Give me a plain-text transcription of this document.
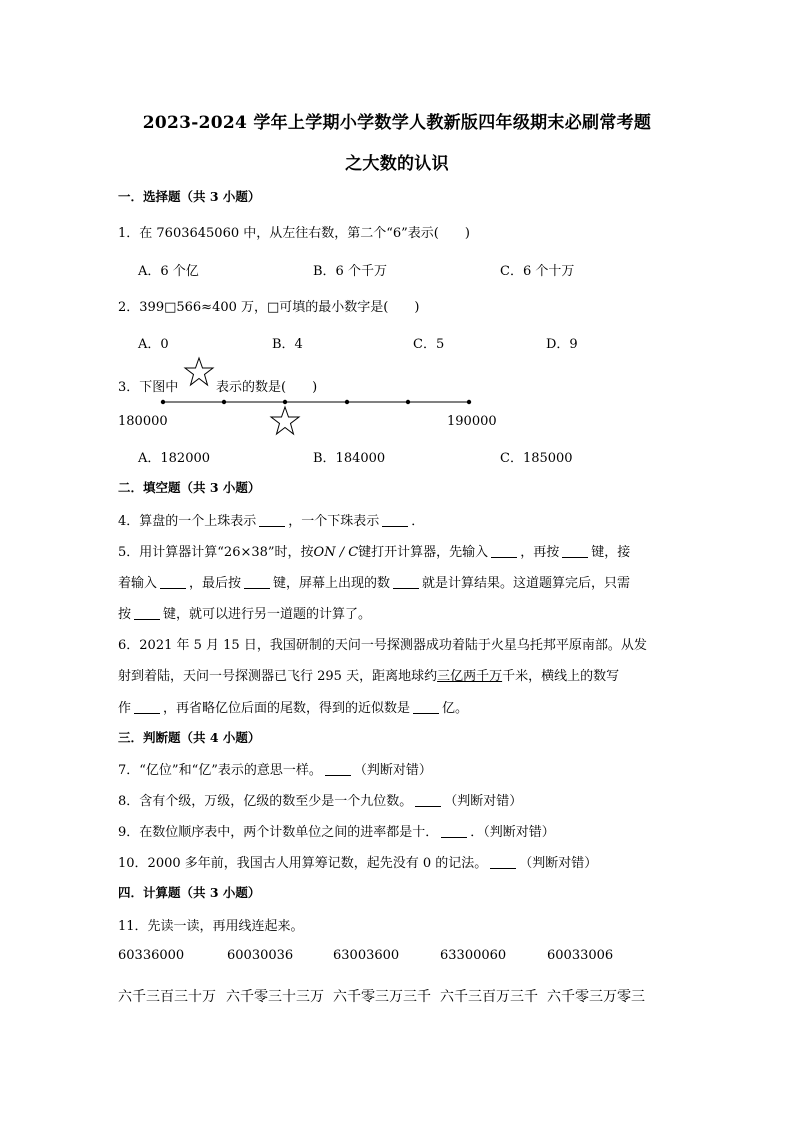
2023-2024 学年上学期小学数学人教新版四年级期末必刷常考题
之大数的认识
一．选择题（共 3 小题）
1．在 7603645060 中，从左往右数，第二个“6”表示(　　)
A．6 个亿	B．6 个千万	C．6 个十万
2．399□566≈400 万，□可填的最小数字是(　　)
A．0	B．4	C．5	D．9
3．下图中	表示的数是(　　)
180000	190000
A．182000	B．184000	C．185000
二．填空题（共 3 小题）
4．算盘的一个上珠表示 ，一个下珠表示 ．
5．用计算器计算“26×38”时，按ON / C键打开计算器，先输入 ，再按 键，接
着输入 ，最后按 键，屏幕上出现的数 就是计算结果。这道题算完后，只需
按 键，就可以进行另一道题的计算了。
6．2021 年 5 月 15 日，我国研制的天问一号探测器成功着陆于火星乌托邦平原南部。从发
射到着陆，天问一号探测器已飞行 295 天，距离地球约三亿两千万千米，横线上的数写
作 ，再省略亿位后面的尾数，得到的近似数是 亿。
三．判断题（共 4 小题）
7．“亿位”和“亿”表示的意思一样。 （判断对错）
8．含有个级，万级，亿级的数至少是一个九位数。 （判断对错）
9．在数位顺序表中，两个计数单位之间的进率都是十． ．（判断对错）
10．2000 多年前，我国古人用算筹记数，起先没有 0 的记法。 （判断对错）
四．计算题（共 3 小题）
11．先读一读，再用线连起来。
60336000	60030036	63003600	63300060	60033006
六千三百三十万 六千零三十三万 六千零三万三千 六千三百万三千 六千零三万零三
